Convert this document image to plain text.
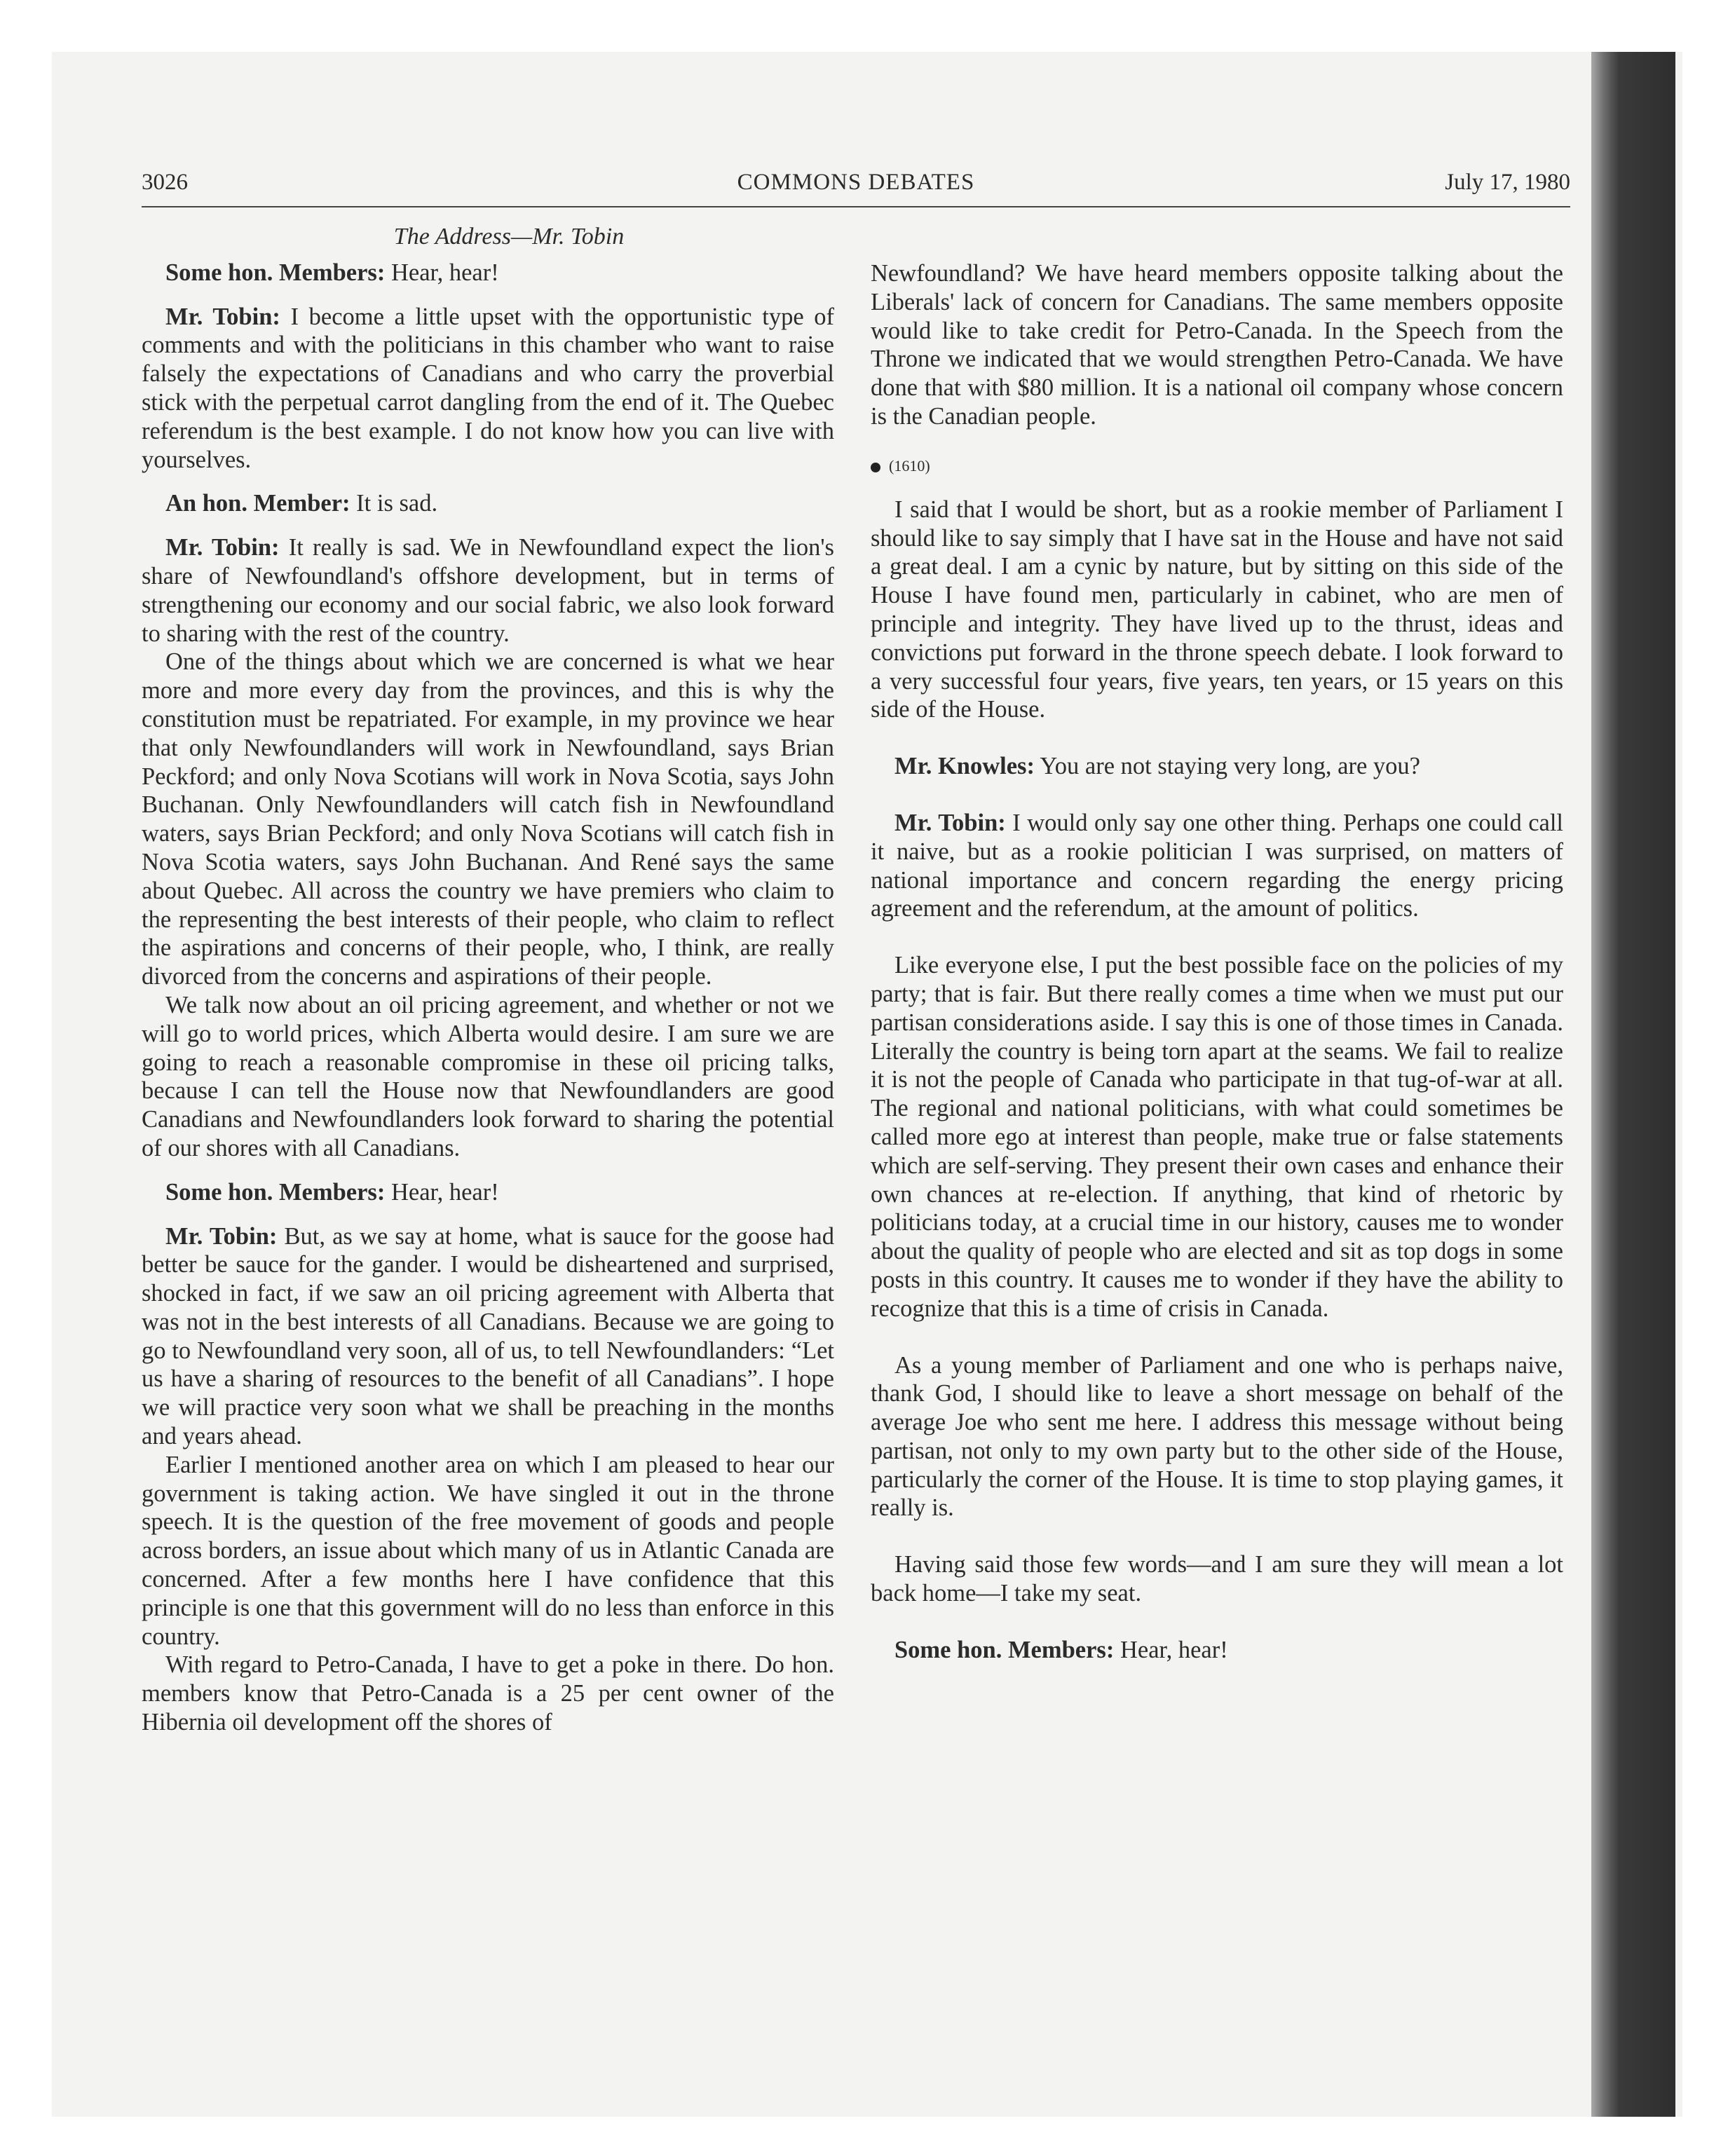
COMMONS DEBATES
3026	July 17, 1980
The Address—Mr. Tobin

Some hon. Members: Hear, hear!

Mr. Tobin: I become a little upset with the opportunistic type of comments and with the politicians in this chamber who want to raise falsely the expectations of Canadians and who carry the proverbial stick with the perpetual carrot dangling from the end of it. The Quebec referendum is the best example. I do not know how you can live with yourselves.

An hon. Member: It is sad.

Mr. Tobin: It really is sad. We in Newfoundland expect the lion's share of Newfoundland's offshore development, but in terms of strengthening our economy and our social fabric, we also look forward to sharing with the rest of the country.

One of the things about which we are concerned is what we hear more and more every day from the provinces, and this is why the constitution must be repatriated. For example, in my province we hear that only Newfoundlanders will work in Newfoundland, says Brian Peckford; and only Nova Scotians will work in Nova Scotia, says John Buchanan. Only Newfoundlanders will catch fish in Newfoundland waters, says Brian Peckford; and only Nova Scotians will catch fish in Nova Scotia waters, says John Buchanan. And René says the same about Quebec. All across the country we have premiers who claim to the representing the best interests of their people, who claim to reflect the aspirations and concerns of their people, who, I think, are really divorced from the concerns and aspirations of their people.

We talk now about an oil pricing agreement, and whether or not we will go to world prices, which Alberta would desire. I am sure we are going to reach a reasonable compromise in these oil pricing talks, because I can tell the House now that Newfoundlanders are good Canadians and Newfoundlanders look forward to sharing the potential of our shores with all Canadians.

Some hon. Members: Hear, hear!

Mr. Tobin: But, as we say at home, what is sauce for the goose had better be sauce for the gander. I would be disheartened and surprised, shocked in fact, if we saw an oil pricing agreement with Alberta that was not in the best interests of all Canadians. Because we are going to go to Newfoundland very soon, all of us, to tell Newfoundlanders: “Let us have a sharing of resources to the benefit of all Canadians”. I hope we will practice very soon what we shall be preaching in the months and years ahead.

Earlier I mentioned another area on which I am pleased to hear our government is taking action. We have singled it out in the throne speech. It is the question of the free movement of goods and people across borders, an issue about which many of us in Atlantic Canada are concerned. After a few months here I have confidence that this principle is one that this government will do no less than enforce in this country.

With regard to Petro-Canada, I have to get a poke in there. Do hon. members know that Petro-Canada is a 25 per cent owner of the Hibernia oil development off the shores of

Newfoundland? We have heard members opposite talking about the Liberals' lack of concern for Canadians. The same members opposite would like to take credit for Petro-Canada. In the Speech from the Throne we indicated that we would strengthen Petro-Canada. We have done that with $80 million. It is a national oil company whose concern is the Canadian people.

(1610)

I said that I would be short, but as a rookie member of Parliament I should like to say simply that I have sat in the House and have not said a great deal. I am a cynic by nature, but by sitting on this side of the House I have found men, particularly in cabinet, who are men of principle and integrity. They have lived up to the thrust, ideas and convictions put forward in the throne speech debate. I look forward to a very successful four years, five years, ten years, or 15 years on this side of the House.

Mr. Knowles: You are not staying very long, are you?

Mr. Tobin: I would only say one other thing. Perhaps one could call it naive, but as a rookie politician I was surprised, on matters of national importance and concern regarding the energy pricing agreement and the referendum, at the amount of politics.

Like everyone else, I put the best possible face on the policies of my party; that is fair. But there really comes a time when we must put our partisan considerations aside. I say this is one of those times in Canada. Literally the country is being torn apart at the seams. We fail to realize it is not the people of Canada who participate in that tug-of-war at all. The regional and national politicians, with what could sometimes be called more ego at interest than people, make true or false statements which are self-serving. They present their own cases and enhance their own chances at re-election. If anything, that kind of rhetoric by politicians today, at a crucial time in our history, causes me to wonder about the quality of people who are elected and sit as top dogs in some posts in this country. It causes me to wonder if they have the ability to recognize that this is a time of crisis in Canada.

As a young member of Parliament and one who is perhaps naive, thank God, I should like to leave a short message on behalf of the average Joe who sent me here. I address this message without being partisan, not only to my own party but to the other side of the House, particularly the corner of the House. It is time to stop playing games, it really is.

Having said those few words—and I am sure they will mean a lot back home—I take my seat.

Some hon. Members: Hear, hear!
